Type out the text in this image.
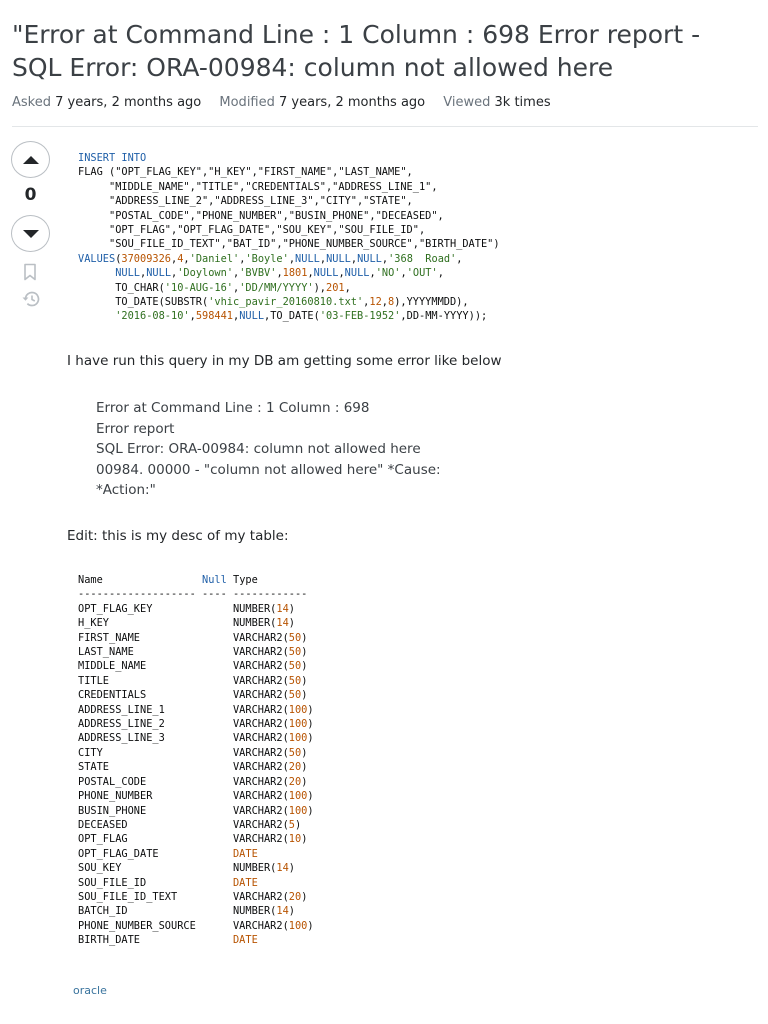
"Error at Command Line : 1 Column : 698 Error report - SQL Error: ORA-00984: column not allowed here
Asked 7 years, 2 months ago Modified 7 years, 2 months ago Viewed 3k times
0
INSERT INTO
FLAG ("OPT_FLAG_KEY","H_KEY","FIRST_NAME","LAST_NAME",
"MIDDLE_NAME","TITLE","CREDENTIALS","ADDRESS_LINE_1",
"ADDRESS_LINE_2","ADDRESS_LINE_3","CITY","STATE",
"POSTAL_CODE","PHONE_NUMBER","BUSIN_PHONE","DECEASED",
"OPT_FLAG","OPT_FLAG_DATE","SOU_KEY","SOU_FILE_ID",
"SOU_FILE_ID_TEXT","BAT_ID","PHONE_NUMBER_SOURCE","BIRTH_DATE")
VALUES(37009326,4,'Daniel','Boyle',NULL,NULL,NULL,'368  Road',
NULL,NULL,'Doylown','BVBV',1801,NULL,NULL,'NO','OUT',
TO_CHAR('10-AUG-16','DD/MM/YYYY'),201,
TO_DATE(SUBSTR('vhic_pavir_20160810.txt',12,8),YYYYMMDD),
'2016-08-10',598441,NULL,TO_DATE('03-FEB-1952',DD-MM-YYYY));

I have run this query in my DB am getting some error like below

Error at Command Line : 1 Column : 698
Error report
SQL Error: ORA-00984: column not allowed here
00984. 00000 - "column not allowed here" *Cause:
*Action:"

Edit: this is my desc of my table:

Name                Null Type
------------------- ---- ------------
OPT_FLAG_KEY             NUMBER(14)
H_KEY                    NUMBER(14)
FIRST_NAME               VARCHAR2(50)
LAST_NAME                VARCHAR2(50)
MIDDLE_NAME              VARCHAR2(50)
TITLE                    VARCHAR2(50)
CREDENTIALS              VARCHAR2(50)
ADDRESS_LINE_1           VARCHAR2(100)
ADDRESS_LINE_2           VARCHAR2(100)
ADDRESS_LINE_3           VARCHAR2(100)
CITY                     VARCHAR2(50)
STATE                    VARCHAR2(20)
POSTAL_CODE              VARCHAR2(20)
PHONE_NUMBER             VARCHAR2(100)
BUSIN_PHONE              VARCHAR2(100)
DECEASED                 VARCHAR2(5)
OPT_FLAG                 VARCHAR2(10)
OPT_FLAG_DATE            DATE
SOU_KEY                  NUMBER(14)
SOU_FILE_ID              DATE
SOU_FILE_ID_TEXT         VARCHAR2(20)
BATCH_ID                 NUMBER(14)
PHONE_NUMBER_SOURCE      VARCHAR2(100)
BIRTH_DATE               DATE

oracle
